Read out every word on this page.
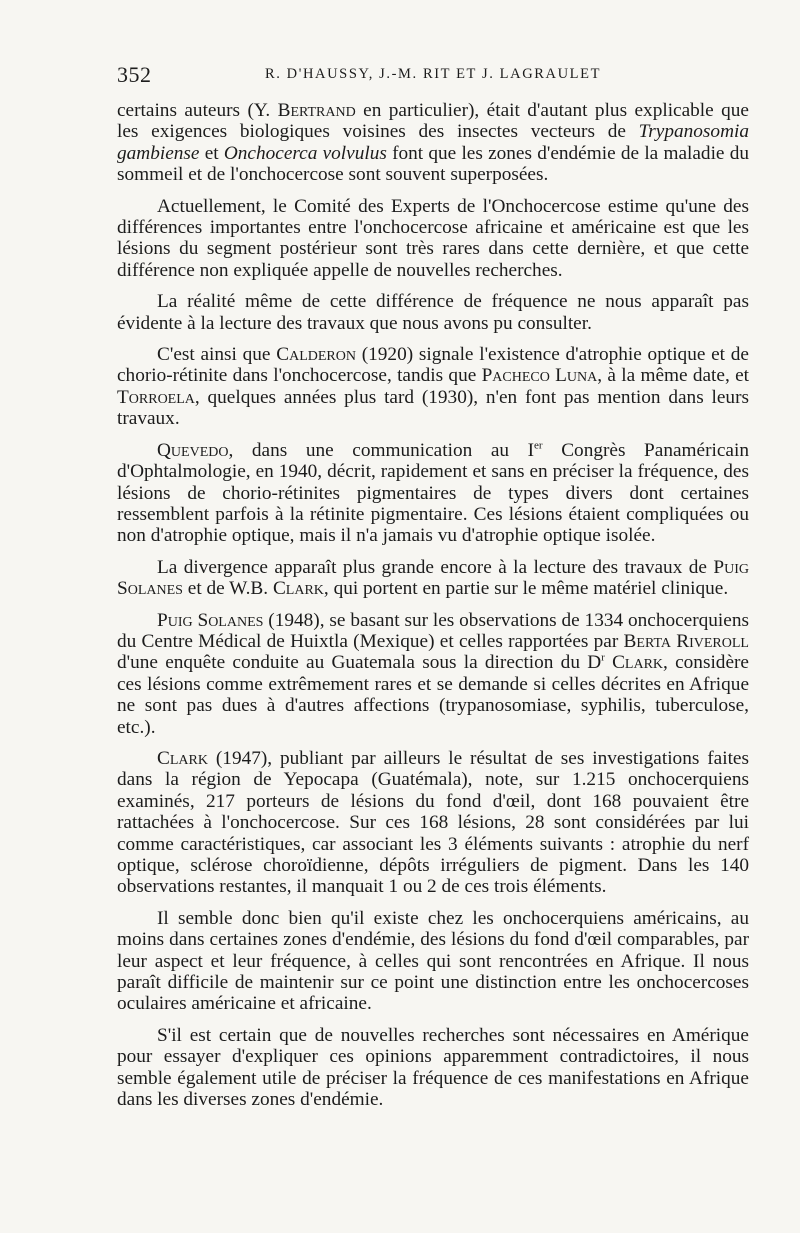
352	R. D'HAUSSY, J.-M. RIT ET J. LAGRAULET

certains auteurs (Y. Bertrand en particulier), était d'autant plus explicable que les exigences biologiques voisines des insectes vecteurs de Trypanosomia gambiense et Onchocerca volvulus font que les zones d'endémie de la maladie du sommeil et de l'onchocercose sont souvent superposées.

Actuellement, le Comité des Experts de l'Onchocercose estime qu'une des différences importantes entre l'onchocercose africaine et américaine est que les lésions du segment postérieur sont très rares dans cette dernière, et que cette différence non expliquée appelle de nouvelles recherches.

La réalité même de cette différence de fréquence ne nous apparaît pas évidente à la lecture des travaux que nous avons pu consulter.

C'est ainsi que Calderon (1920) signale l'existence d'atrophie optique et de chorio-rétinite dans l'onchocercose, tandis que Pacheco Luna, à la même date, et Torroela, quelques années plus tard (1930), n'en font pas mention dans leurs travaux.

Quevedo, dans une communication au Ier Congrès Panaméricain d'Ophtalmologie, en 1940, décrit, rapidement et sans en préciser la fréquence, des lésions de chorio-rétinites pigmentaires de types divers dont certaines ressemblent parfois à la rétinite pigmentaire. Ces lésions étaient compliquées ou non d'atrophie optique, mais il n'a jamais vu d'atrophie optique isolée.

La divergence apparaît plus grande encore à la lecture des travaux de Puig Solanes et de W.B. Clark, qui portent en partie sur le même matériel clinique.

Puig Solanes (1948), se basant sur les observations de 1334 onchocerquiens du Centre Médical de Huixtla (Mexique) et celles rapportées par Berta Riveroll d'une enquête conduite au Guatemala sous la direction du $D^r$ Clark, considère ces lésions comme extrêmement rares et se demande si celles décrites en Afrique ne sont pas dues à d'autres affections (trypanosomiase, syphilis, tuberculose, etc.).

Clark (1947), publiant par ailleurs le résultat de ses investigations faites dans la région de Yepocapa (Guatémala), note, sur 1.215 onchocerquiens examinés, 217 porteurs de lésions du fond d'œil, dont 168 pouvaient être rattachées à l'onchocercose. Sur ces 168 lésions, 28 sont considérées par lui comme caractéristiques, car associant les 3 éléments suivants : atrophie du nerf optique, sclérose choroïdienne, dépôts irréguliers de pigment. Dans les 140 observations restantes, il manquait 1 ou 2 de ces trois éléments.

Il semble donc bien qu'il existe chez les onchocerquiens américains, au moins dans certaines zones d'endémie, des lésions du fond d'œil comparables, par leur aspect et leur fréquence, à celles qui sont rencontrées en Afrique. Il nous paraît difficile de maintenir sur ce point une distinction entre les onchocercoses oculaires américaine et africaine.

S'il est certain que de nouvelles recherches sont nécessaires en Amérique pour essayer d'expliquer ces opinions apparemment contradictoires, il nous semble également utile de préciser la fréquence de ces manifestations en Afrique dans les diverses zones d'endémie.
